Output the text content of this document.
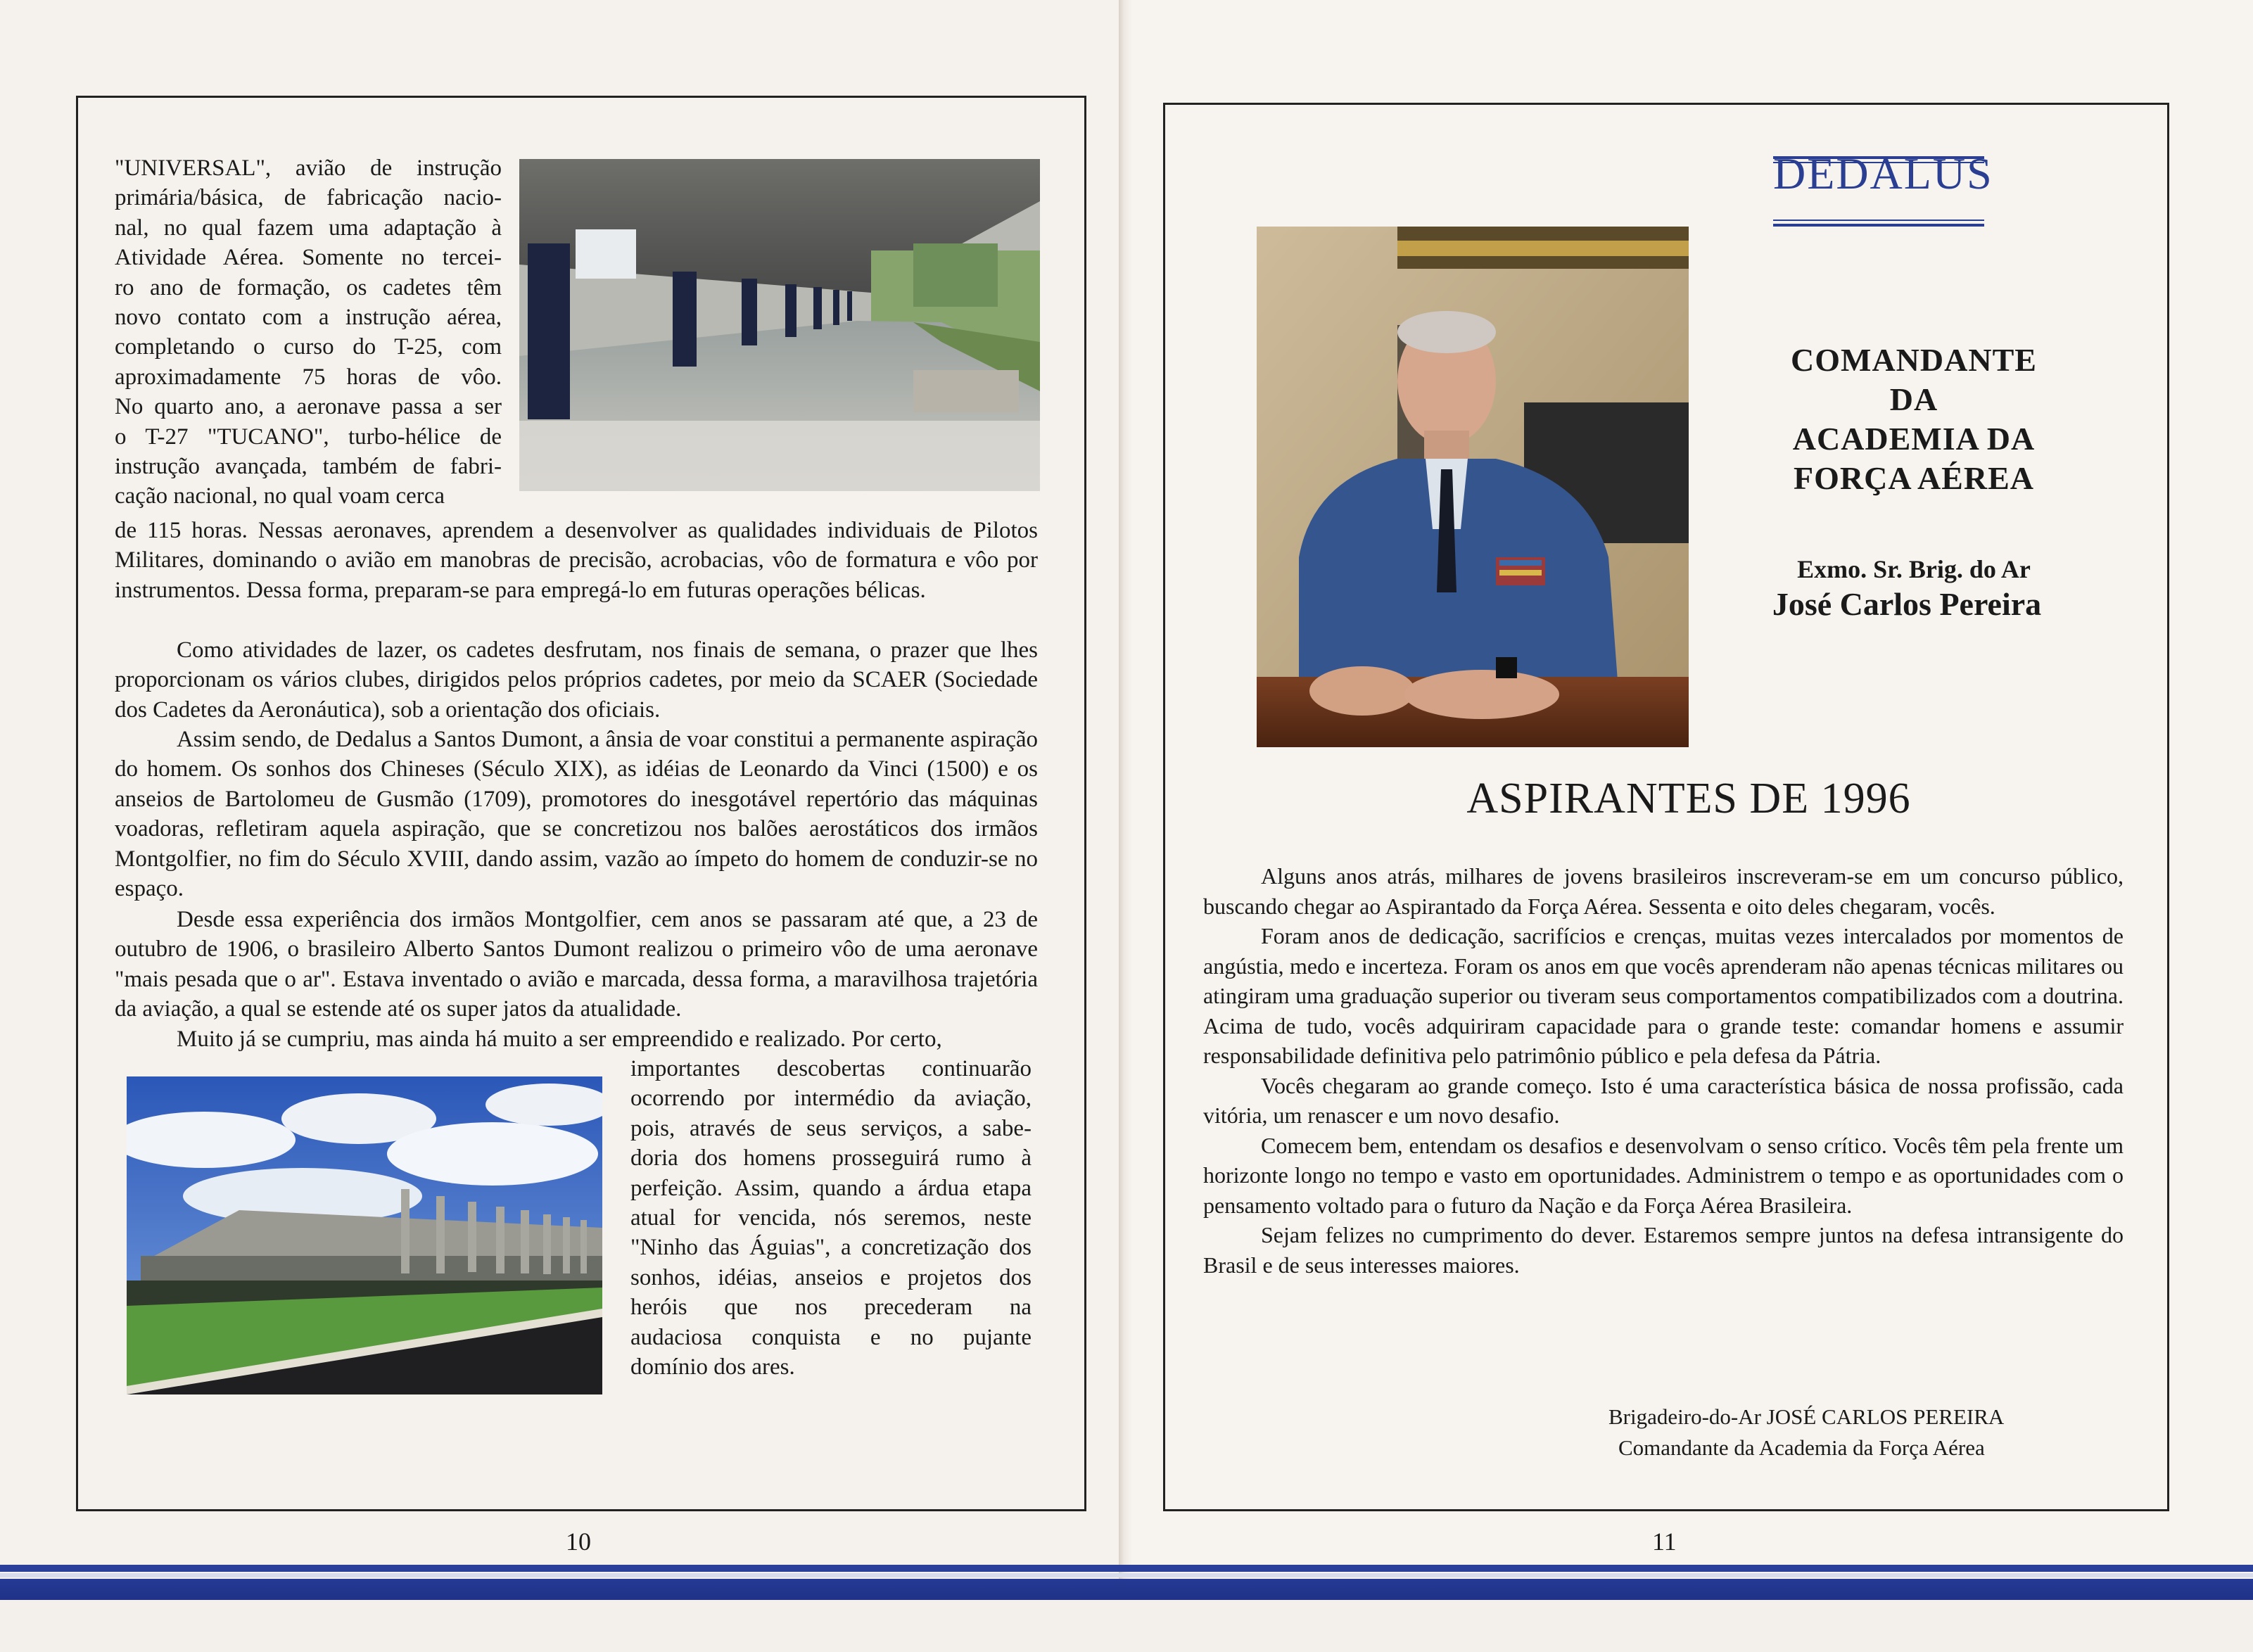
"UNIVERSAL", avião de instrução
primária/básica, de fabricação nacio-
nal, no qual fazem uma adaptação à
Atividade Aérea. Somente no tercei-
ro ano de formação, os cadetes têm
novo contato com a instrução aérea,
completando o curso do T-25, com
aproximadamente 75 horas de vôo.
No quarto ano, a aeronave passa a ser
o T-27 "TUCANO", turbo-hélice de
instrução avançada, também de fabri-
cação nacional, no qual voam cerca

de 115 horas. Nessas aeronaves, aprendem a desenvolver as qualidades individuais de Pilotos Militares, dominando o avião em manobras de precisão, acrobacias, vôo de formatura e vôo por instrumentos. Dessa forma, preparam-se para empregá-lo em futuras operações bélicas.

Como atividades de lazer, os cadetes desfrutam, nos finais de semana, o prazer que lhes proporcionam os vários clubes, dirigidos pelos próprios cadetes, por meio da SCAER (Sociedade dos Cadetes da Aeronáutica), sob a orientação dos oficiais.

Assim sendo, de Dedalus a Santos Dumont, a ânsia de voar constitui a permanente aspiração do homem. Os sonhos dos Chineses (Século XIX), as idéias de Leonardo da Vinci (1500) e os anseios de Bartolomeu de Gusmão (1709), promotores do inesgotável repertório das máquinas voadoras, refletiram aquela aspiração, que se concretizou nos balões aerostáticos dos irmãos Montgolfier, no fim do Século XVIII, dando assim, vazão ao ímpeto do homem de conduzir-se no espaço.

Desde essa experiência dos irmãos Montgolfier, cem anos se passaram até que, a 23 de outubro de 1906, o brasileiro Alberto Santos Dumont realizou o primeiro vôo de uma aeronave "mais pesada que o ar". Estava inventado o avião e marcada, dessa forma, a maravilhosa trajetória da aviação, a qual se estende até os super jatos da atualidade.

Muito já se cumpriu, mas ainda há muito a ser empreendido e realizado. Por certo,

importantes descobertas continuarão
ocorrendo por intermédio da aviação,
pois, através de seus serviços, a sabe-
doria dos homens prosseguirá rumo à
perfeição. Assim, quando a árdua etapa
atual for vencida, nós seremos, neste
"Ninho das Águias", a concretização dos
sonhos, idéias, anseios e projetos dos
heróis que nos precederam na
audaciosa conquista e no pujante
domínio dos ares.
10
DEDALUS
COMANDANTE
DA
ACADEMIA DA
FORÇA AÉREA
Exmo. Sr. Brig. do Ar
José Carlos Pereira
ASPIRANTES DE 1996

Alguns anos atrás, milhares de jovens brasileiros inscreveram-se em um concurso público, buscando chegar ao Aspirantado da Força Aérea. Sessenta e oito deles chegaram, vocês.

Foram anos de dedicação, sacrifícios e crenças, muitas vezes intercalados por momentos de angústia, medo e incerteza. Foram os anos em que vocês aprenderam não apenas técnicas militares ou atingiram uma graduação superior ou tiveram seus comportamentos compatibilizados com a doutrina. Acima de tudo, vocês adquiriram capacidade para o grande teste: comandar homens e assumir responsabilidade definitiva pelo patrimônio público e pela defesa da Pátria.

Vocês chegaram ao grande começo. Isto é uma característica básica de nossa profissão, cada vitória, um renascer e um novo desafio.

Comecem bem, entendam os desafios e desenvolvam o senso crítico. Vocês têm pela frente um horizonte longo no tempo e vasto em oportunidades. Administrem o tempo e as oportunidades com o pensamento voltado para o futuro da Nação e da Força Aérea Brasileira.

Sejam felizes no cumprimento do dever. Estaremos sempre juntos na defesa intransigente do Brasil e de seus interesses maiores.

Brigadeiro-do-Ar JOSÉ CARLOS PEREIRA
Comandante da Academia da Força Aérea
11
